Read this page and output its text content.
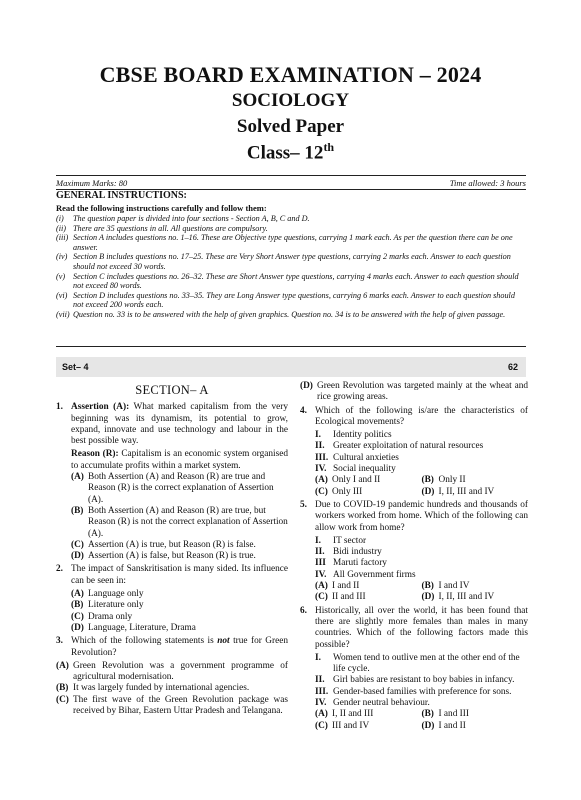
CBSE BOARD EXAMINATION – 2024
SOCIOLOGY
Solved Paper
Class– 12th
Maximum Marks: 80	Time allowed: 3 hours
GENERAL INSTRUCTIONS:
Read the following instructions carefully and follow them:
(i)	The question paper is divided into four sections - Section A, B, C and D.
(ii) There are 35 questions in all. All questions are compulsory.
(iii) Section A includes questions no. 1–16. These are Objective type questions, carrying 1 mark each. As per the question there can be one answer.
(iv) Section B includes questions no. 17–25. These are Very Short Answer type questions, carrying 2 marks each. Answer to each question should not exceed 30 words.
(v) Section C includes questions no. 26–32. These are Short Answer type questions, carrying 4 marks each. Answer to each question should not exceed 80 words.
(vi) Section D includes questions no. 33–35. They are Long Answer type questions, carrying 6 marks each. Answer to each question should not exceed 200 words each.
(vii) Question no. 33 is to be answered with the help of given graphics. Question no. 34 is to be answered with the help of given passage.
Set– 4	62
SECTION– A
1. Assertion (A): What marked capitalism from the very beginning was its dynamism, its potential to grow, expand, innovate and use technology and labour in the best possible way.
Reason (R): Capitalism is an economic system organised to accumulate profits within a market system.
(A) Both Assertion (A) and Reason (R) are true and Reason (R) is the correct explanation of Assertion (A).
(B) Both Assertion (A) and Reason (R) are true, but Reason (R) is not the correct explanation of Assertion (A).
(C) Assertion (A) is true, but Reason (R) is false.
(D) Assertion (A) is false, but Reason (R) is true.
2. The impact of Sanskritisation is many sided. Its influence can be seen in:
(A) Language only
(B) Literature only
(C) Drama only
(D) Language, Literature, Drama
3. Which of the following statements is not true for Green Revolution?
(A) Green Revolution was a government programme of agricultural modernisation.
(B) It was largely funded by international agencies.
(C) The first wave of the Green Revolution package was received by Bihar, Eastern Uttar Pradesh and Telangana.
(D) Green Revolution was targeted mainly at the wheat and rice growing areas.
4. Which of the following is/are the characteristics of Ecological movements?
I.	Identity politics
II. Greater exploitation of natural resources
III. Cultural anxieties
IV. Social inequality
(A) Only I and II	(B) Only II
(C) Only III	(D) I, II, III and IV
5. Due to COVID-19 pandemic hundreds and thousands of workers worked from home. Which of the following can allow work from home?
I.	IT sector
II. Bidi industry
III Maruti factory
IV. All Government firms
(A) I and II	(B) I and IV
(C) II and III	(D) I, II, III and IV
6. Historically, all over the world, it has been found that there are slightly more females than males in many countries. Which of the following factors made this possible?
I.	Women tend to outlive men at the other end of the life cycle.
II. Girl babies are resistant to boy babies in infancy.
III. Gender-based families with preference for sons.
IV. Gender neutral behaviour.
(A) I, II and III	(B) I and III
(C) III and IV	(D) I and II
